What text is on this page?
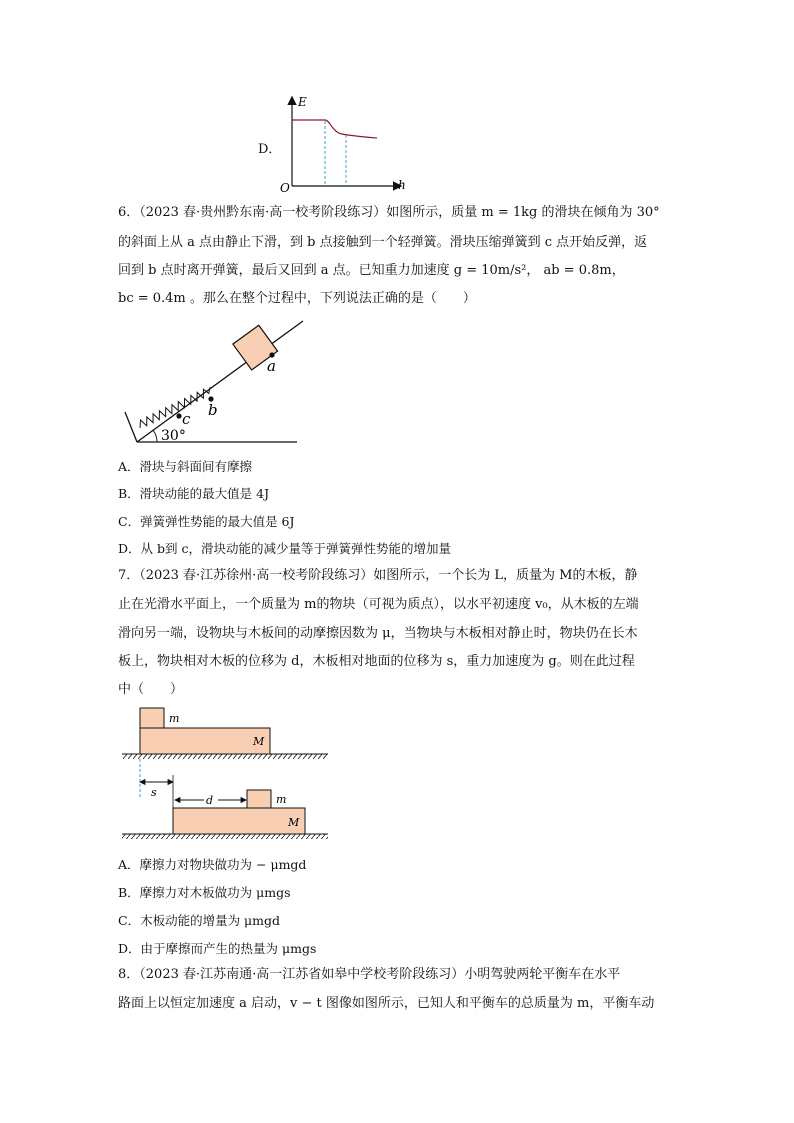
D．
E
h
O
6．（2023 春·贵州黔东南·高一校考阶段练习）如图所示，质量 m = 1kg 的滑块在倾角为 30°
的斜面上从 a 点由静止下滑，到 b 点接触到一个轻弹簧。滑块压缩弹簧到 c 点开始反弹，返
回到 b 点时离开弹簧，最后又回到 a 点。已知重力加速度 g = 10m/s²， ab = 0.8m，
bc = 0.4m 。那么在整个过程中，下列说法正确的是（　　）
a
b
c
30°
A．滑块与斜面间有摩擦
B．滑块动能的最大值是 4J
C．弹簧弹性势能的最大值是 6J
D．从 b到 c，滑块动能的减少量等于弹簧弹性势能的增加量
7．（2023 春·江苏徐州·高一校考阶段练习）如图所示，一个长为 L，质量为 M的木板，静
止在光滑水平面上，一个质量为 m的物块（可视为质点），以水平初速度 v₀，从木板的左端
滑向另一端，设物块与木板间的动摩擦因数为 μ，当物块与木板相对静止时，物块仍在长木
板上，物块相对木板的位移为 d，木板相对地面的位移为 s，重力加速度为 g。则在此过程
中（　　）
m
M
s
d	m
M
A．摩擦力对物块做功为 − μmgd
B．摩擦力对木板做功为 μmgs
C．木板动能的增量为 μmgd
D．由于摩擦而产生的热量为 μmgs
8．（2023 春·江苏南通·高一江苏省如皋中学校考阶段练习）小明驾驶两轮平衡车在水平
路面上以恒定加速度 a 启动，v − t 图像如图所示，已知人和平衡车的总质量为 m，平衡车动
